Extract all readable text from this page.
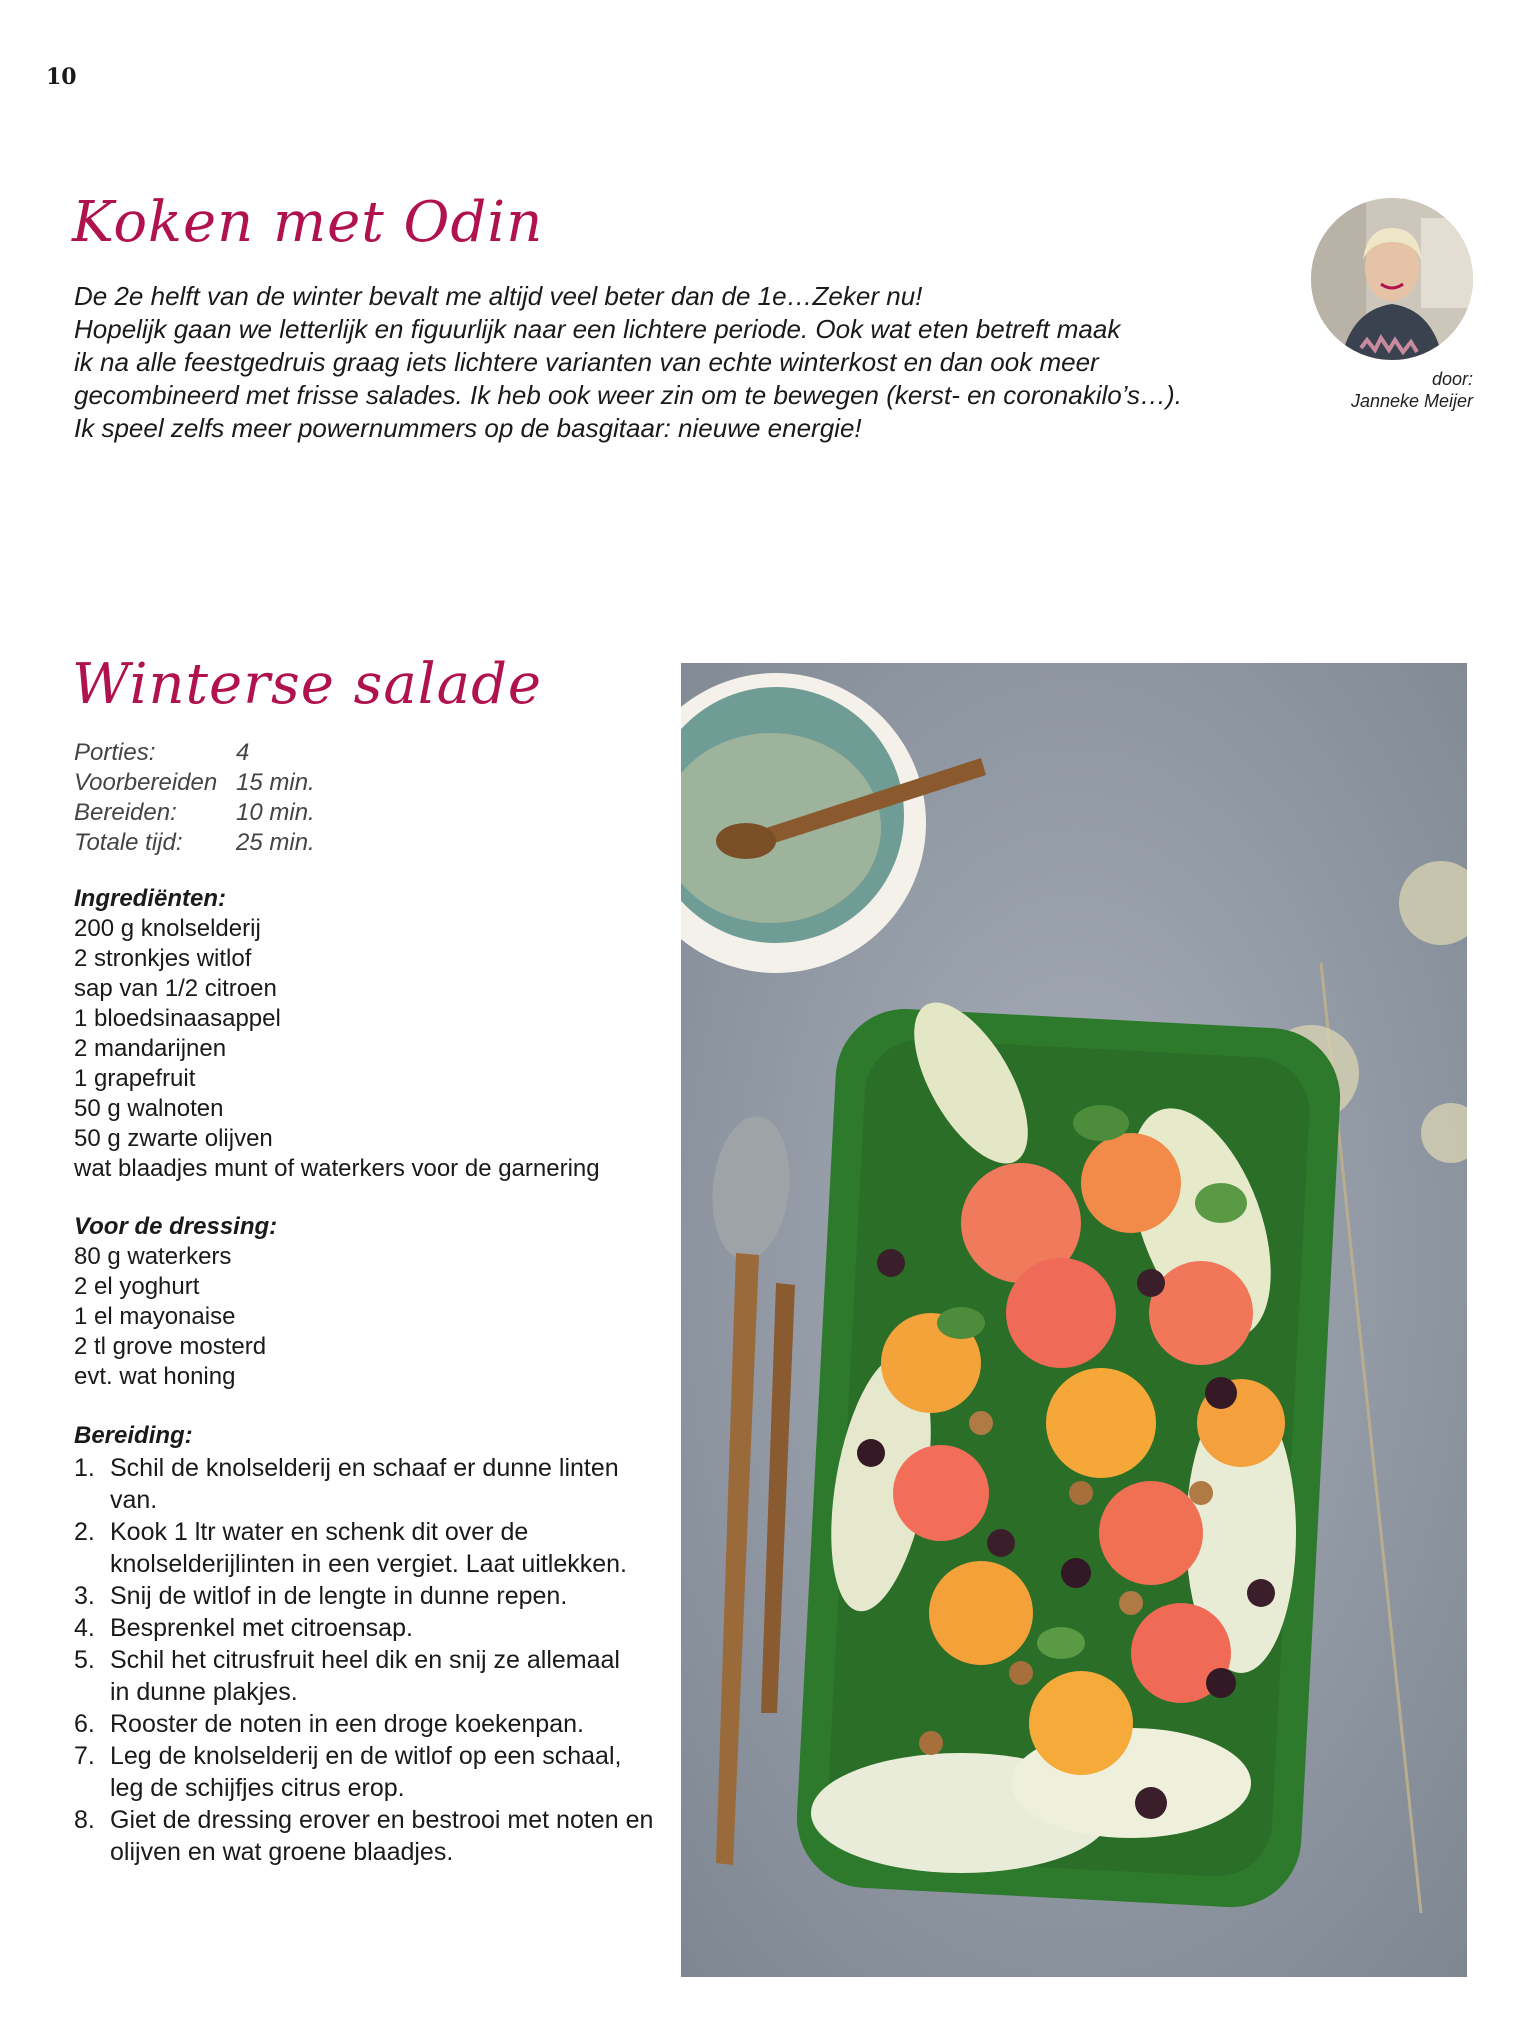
10
Koken met Odin
De 2e helft van de winter bevalt me altijd veel beter dan de 1e…Zeker nu!
Hopelijk gaan we letterlijk en figuurlijk naar een lichtere periode. Ook wat eten betreft maak
ik na alle feestgedruis graag iets lichtere varianten van echte winterkost en dan ook meer
gecombineerd met frisse salades. Ik heb ook weer zin om te bewegen (kerst- en coronakilo’s…).
Ik speel zelfs meer powernummers op de basgitaar: nieuwe energie!
door:
Janneke Meijer
Winterse salade
Porties:	4
Voorbereiden 15 min.
Bereiden:	10 min.
Totale tijd:	25 min.
Ingrediënten:
200 g knolselderij
2 stronkjes witlof
sap van 1/2 citroen
1 bloedsinaasappel
2 mandarijnen
1 grapefruit
50 g walnoten
50 g zwarte olijven
wat blaadjes munt of waterkers voor de garnering
Voor de dressing:
80 g waterkers
2 el yoghurt
1 el mayonaise
2 tl grove mosterd
evt. wat honing
Bereiding:
1. Schil de knolselderij en schaaf er dunne linten
van.
2. Kook 1 ltr water en schenk dit over de
knolselderijlinten in een vergiet. Laat uitlekken.
3. Snij de witlof in de lengte in dunne repen.
4. Besprenkel met citroensap.
5. Schil het citrusfruit heel dik en snij ze allemaal
in dunne plakjes.
6. Rooster de noten in een droge koekenpan.
7. Leg de knolselderij en de witlof op een schaal,
leg de schijfjes citrus erop.
8. Giet de dressing erover en bestrooi met noten en
olijven en wat groene blaadjes.
